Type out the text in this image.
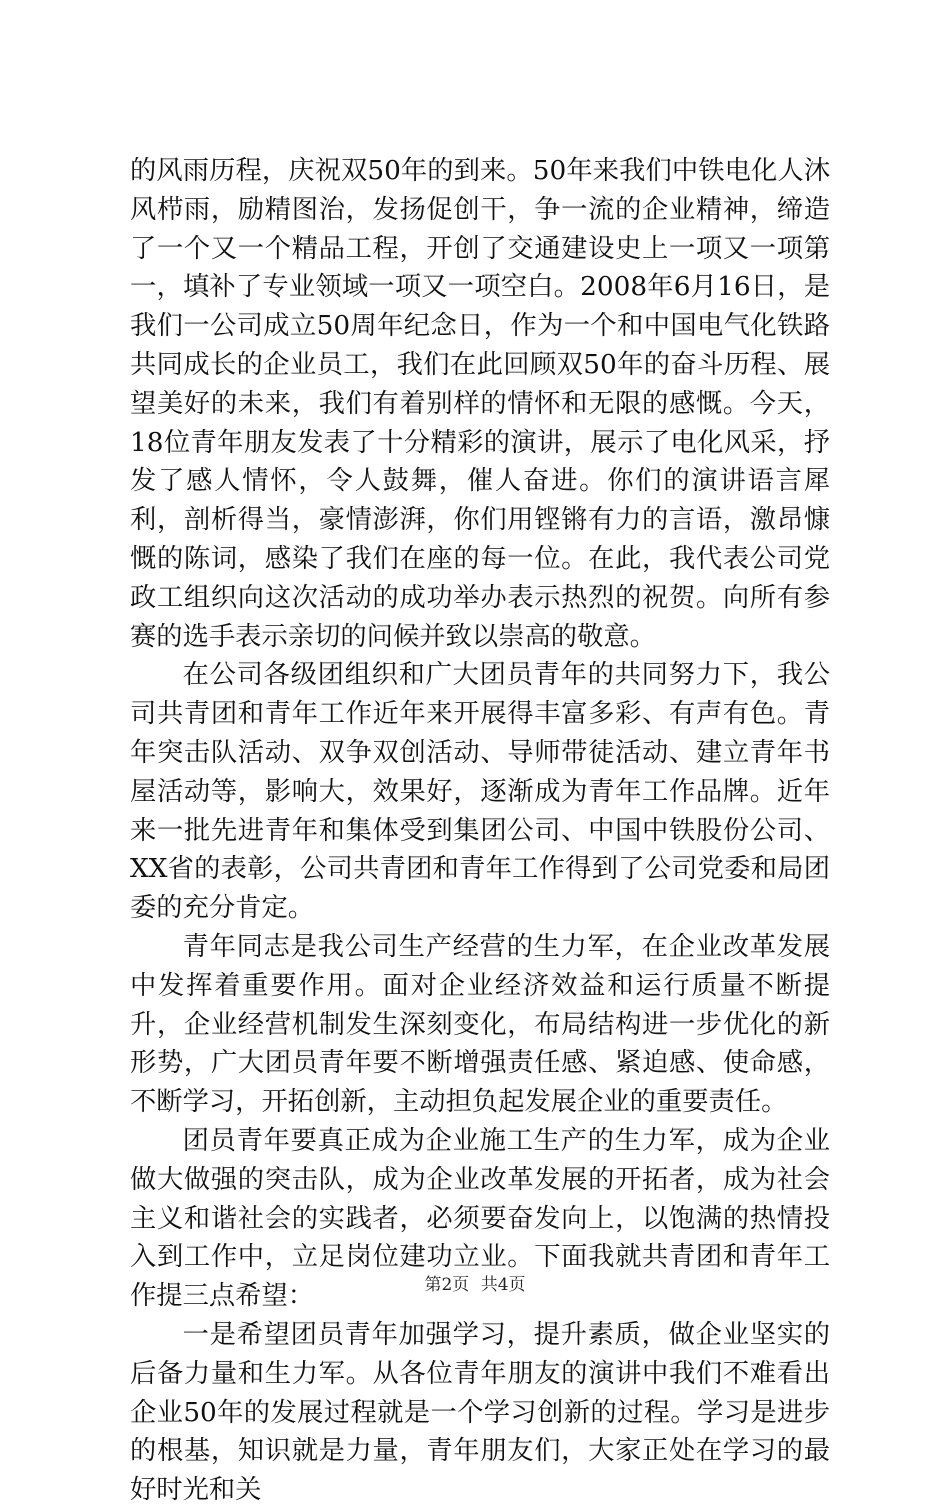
的风雨历程，庆祝双50年的到来。50年来我们中铁电化人沐风栉雨，励精图治，发扬促创干，争一流的企业精神，缔造了一个又一个精品工程，开创了交通建设史上一项又一项第一，填补了专业领域一项又一项空白。2008年6月16日，是我们一公司成立50周年纪念日，作为一个和中国电气化铁路共同成长的企业员工，我们在此回顾双50年的奋斗历程、展望美好的未来，我们有着别样的情怀和无限的感慨。今天，18位青年朋友发表了十分精彩的演讲，展示了电化风采，抒发了感人情怀，令人鼓舞，催人奋进。你们的演讲语言犀利，剖析得当，豪情澎湃，你们用铿锵有力的言语，激昂慷慨的陈词，感染了我们在座的每一位。在此，我代表公司党政工组织向这次活动的成功举办表示热烈的祝贺。向所有参赛的选手表示亲切的问候并致以崇高的敬意。

在公司各级团组织和广大团员青年的共同努力下，我公司共青团和青年工作近年来开展得丰富多彩、有声有色。青年突击队活动、双争双创活动、导师带徒活动、建立青年书屋活动等，影响大，效果好，逐渐成为青年工作品牌。近年来一批先进青年和集体受到集团公司、中国中铁股份公司、XX省的表彰，公司共青团和青年工作得到了公司党委和局团委的充分肯定。

青年同志是我公司生产经营的生力军，在企业改革发展中发挥着重要作用。面对企业经济效益和运行质量不断提升，企业经营机制发生深刻变化，布局结构进一步优化的新形势，广大团员青年要不断增强责任感、紧迫感、使命感，不断学习，开拓创新，主动担负起发展企业的重要责任。

团员青年要真正成为企业施工生产的生力军，成为企业做大做强的突击队，成为企业改革发展的开拓者，成为社会主义和谐社会的实践者，必须要奋发向上，以饱满的热情投入到工作中，立足岗位建功立业。下面我就共青团和青年工作提三点希望：

一是希望团员青年加强学习，提升素质，做企业坚实的后备力量和生力军。从各位青年朋友的演讲中我们不难看出企业50年的发展过程就是一个学习创新的过程。学习是进步的根基，知识就是力量，青年朋友们，大家正处在学习的最好时光和关

第2页 共4页
